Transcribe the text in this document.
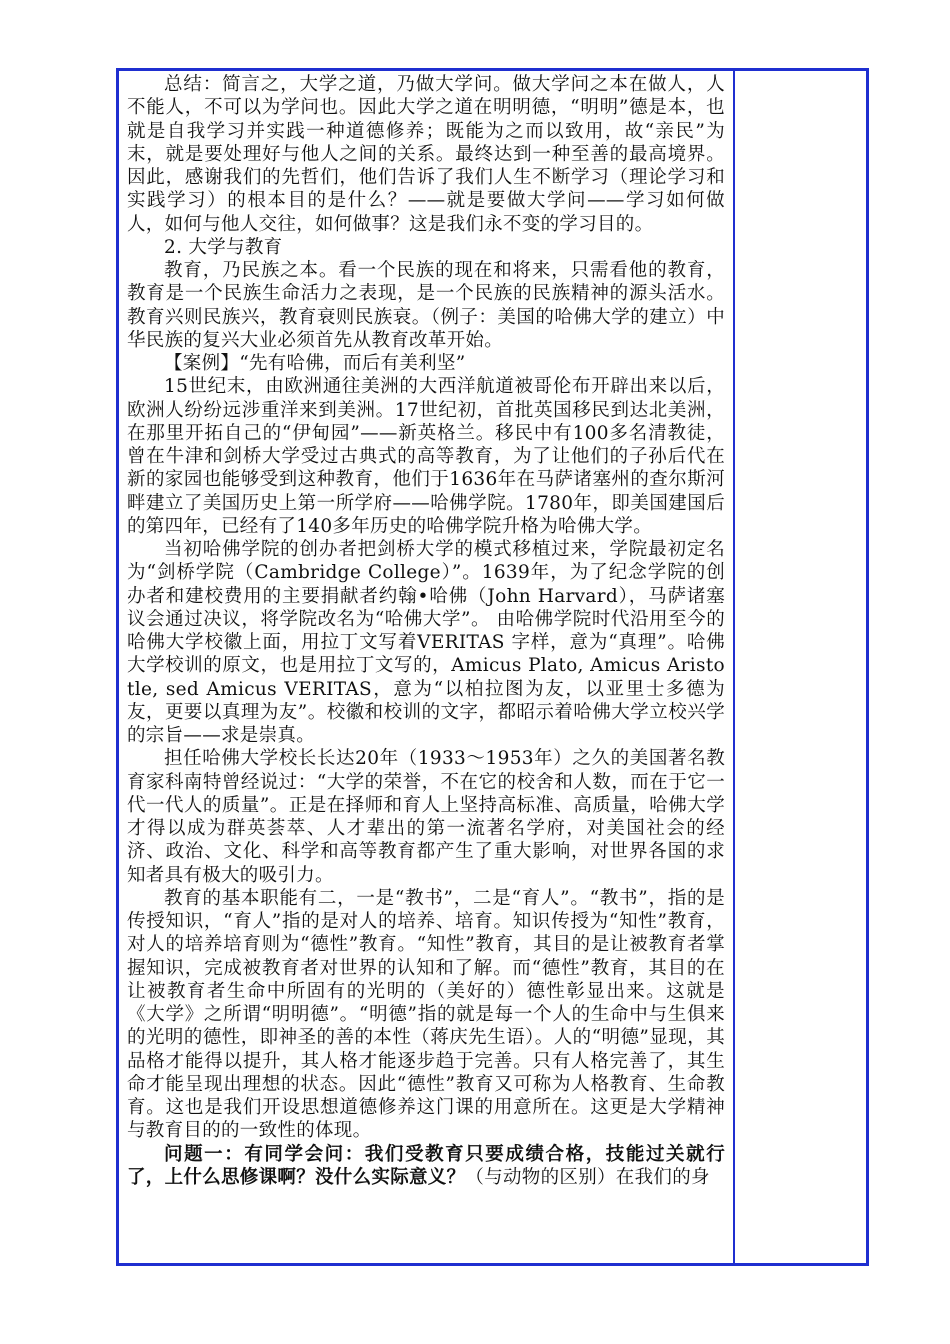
总结：简言之，大学之道，乃做大学问。做大学问之本在做人，人不能人，不可以为学问也。因此大学之道在明明德，“明明”德是本，也就是自我学习并实践一种道德修养；既能为之而以致用，故“亲民”为末，就是要处理好与他人之间的关系。最终达到一种至善的最高境界。因此，感谢我们的先哲们，他们告诉了我们人生不断学习（理论学习和实践学习）的根本目的是什么？——就是要做大学问——学习如何做人，如何与他人交往，如何做事？这是我们永不变的学习目的。

2. 大学与教育

教育，乃民族之本。看一个民族的现在和将来，只需看他的教育，教育是一个民族生命活力之表现，是一个民族的民族精神的源头活水。教育兴则民族兴，教育衰则民族衰。（例子：美国的哈佛大学的建立）中华民族的复兴大业必须首先从教育改革开始。

【案例】“先有哈佛，而后有美利坚”

15世纪末，由欧洲通往美洲的大西洋航道被哥伦布开辟出来以后，欧洲人纷纷远涉重洋来到美洲。17世纪初，首批英国移民到达北美洲，在那里开拓自己的“伊甸园”——新英格兰。移民中有100多名清教徒，曾在牛津和剑桥大学受过古典式的高等教育，为了让他们的子孙后代在新的家园也能够受到这种教育，他们于1636年在马萨诸塞州的查尔斯河畔建立了美国历史上第一所学府——哈佛学院。1780年，即美国建国后的第四年，已经有了140多年历史的哈佛学院升格为哈佛大学。

当初哈佛学院的创办者把剑桥大学的模式移植过来，学院最初定名为“剑桥学院（Cambridge College）”。1639年，为了纪念学院的创办者和建校费用的主要捐献者约翰•哈佛（John Harvard），马萨诸塞议会通过决议，将学院改名为“哈佛大学”。 由哈佛学院时代沿用至今的哈佛大学校徽上面，用拉丁文写着VERITAS 字样，意为“真理”。哈佛大学校训的原文，也是用拉丁文写的，Amicus Plato, Amicus Aristotle, sed Amicus VERITAS，意为“以柏拉图为友，以亚里士多德为友，更要以真理为友”。校徽和校训的文字，都昭示着哈佛大学立校兴学的宗旨——求是崇真。

担任哈佛大学校长长达20年（1933～1953年）之久的美国著名教育家科南特曾经说过：“大学的荣誉，不在它的校舍和人数，而在于它一代一代人的质量”。正是在择师和育人上坚持高标准、高质量，哈佛大学才得以成为群英荟萃、人才辈出的第一流著名学府，对美国社会的经济、政治、文化、科学和高等教育都产生了重大影响，对世界各国的求知者具有极大的吸引力。

教育的基本职能有二，一是“教书”，二是“育人”。“教书”，指的是传授知识，“育人”指的是对人的培养、培育。知识传授为“知性”教育，对人的培养培育则为“德性”教育。“知性”教育，其目的是让被教育者掌握知识，完成被教育者对世界的认知和了解。而“德性”教育，其目的在让被教育者生命中所固有的光明的（美好的）德性彰显出来。这就是《大学》之所谓“明明德”。“明德”指的就是每一个人的生命中与生俱来的光明的德性，即神圣的善的本性（蒋庆先生语）。人的“明德”显现，其品格才能得以提升，其人格才能逐步趋于完善。只有人格完善了，其生命才能呈现出理想的状态。因此“德性”教育又可称为人格教育、生命教育。这也是我们开设思想道德修养这门课的用意所在。这更是大学精神与教育目的的一致性的体现。

问题一：有同学会问：我们受教育只要成绩合格，技能过关就行了，上什么思修课啊？没什么实际意义？（与动物的区别）在我们的身
